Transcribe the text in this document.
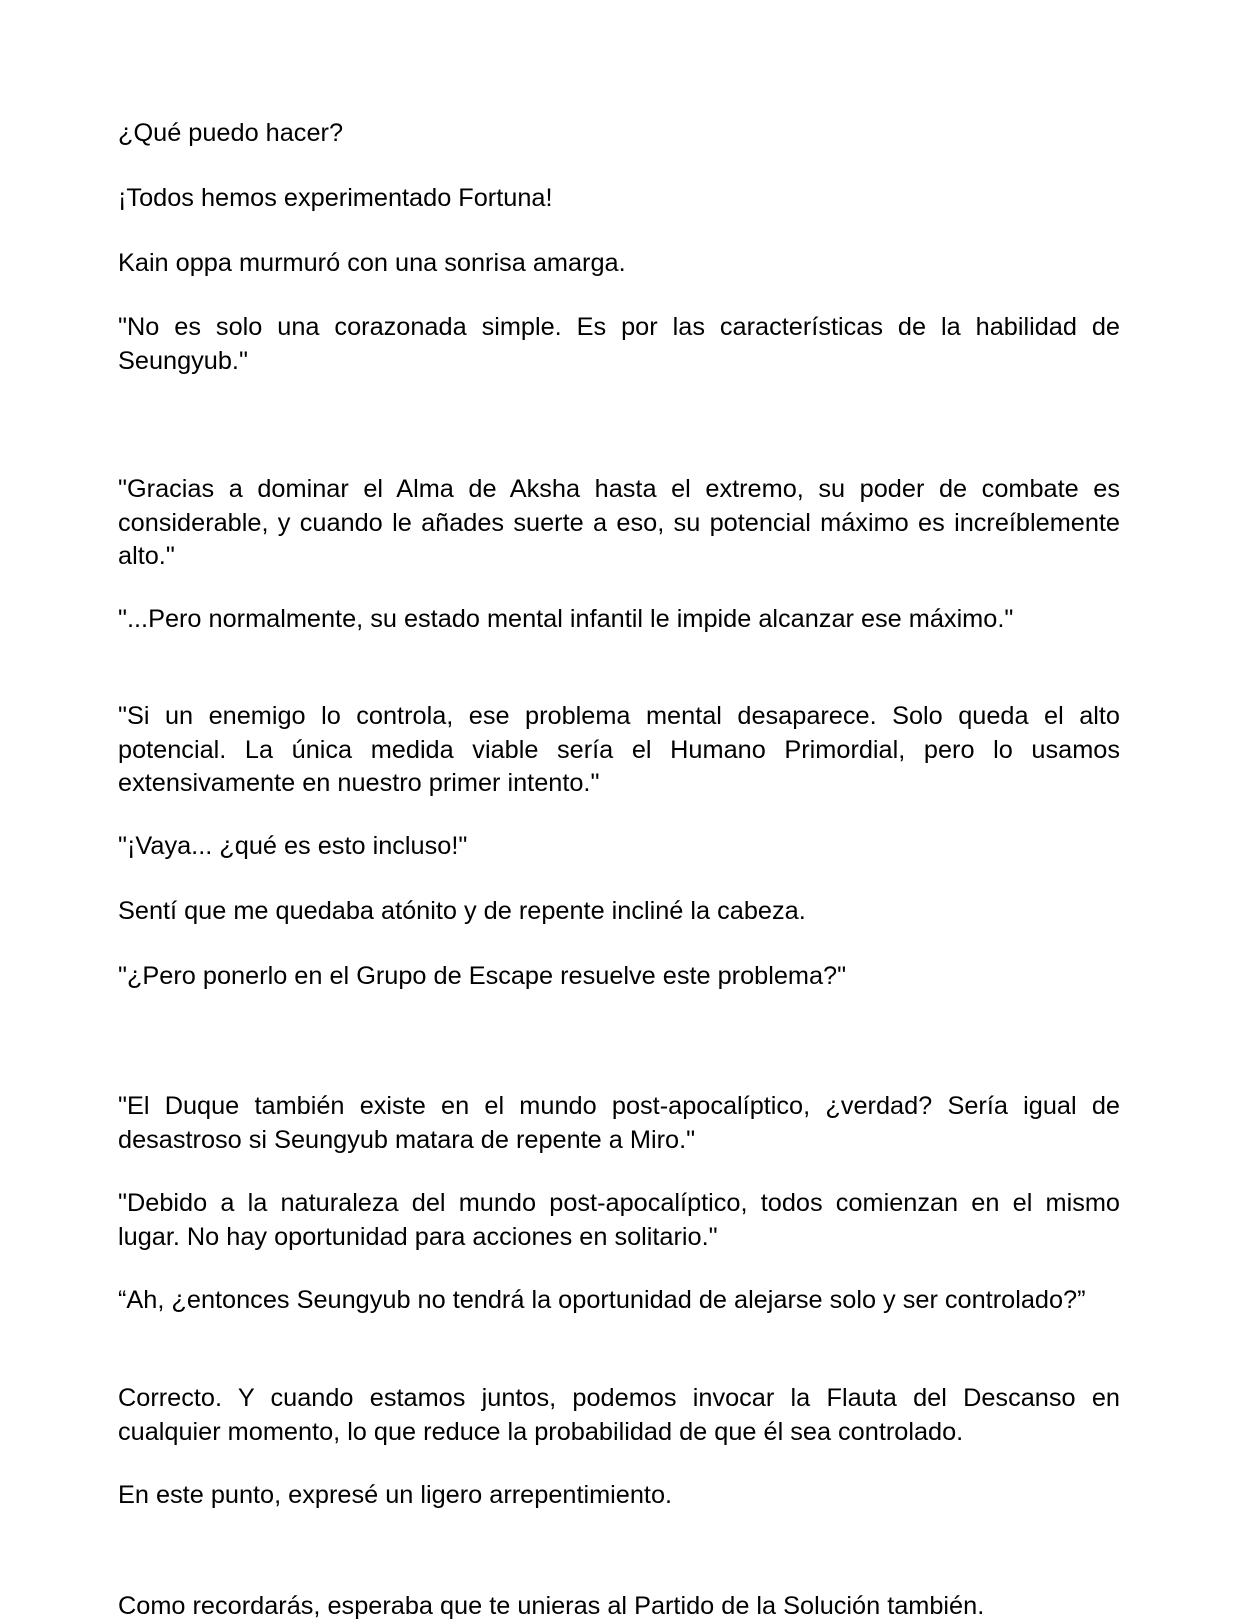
¿Qué puedo hacer?

¡Todos hemos experimentado Fortuna!

Kain oppa murmuró con una sonrisa amarga.

"No es solo una corazonada simple. Es por las características de la habilidad de Seungyub."

"Gracias a dominar el Alma de Aksha hasta el extremo, su poder de combate es considerable, y cuando le añades suerte a eso, su potencial máximo es increíblemente alto."

"...Pero normalmente, su estado mental infantil le impide alcanzar ese máximo."

"Si un enemigo lo controla, ese problema mental desaparece. Solo queda el alto potencial. La única medida viable sería el Humano Primordial, pero lo usamos extensivamente en nuestro primer intento."

"¡Vaya... ¿qué es esto incluso!"

Sentí que me quedaba atónito y de repente incliné la cabeza.

"¿Pero ponerlo en el Grupo de Escape resuelve este problema?"

"El Duque también existe en el mundo post-apocalíptico, ¿verdad? Sería igual de desastroso si Seungyub matara de repente a Miro."

"Debido a la naturaleza del mundo post-apocalíptico, todos comienzan en el mismo lugar. No hay oportunidad para acciones en solitario."

“Ah, ¿entonces Seungyub no tendrá la oportunidad de alejarse solo y ser controlado?”

Correcto. Y cuando estamos juntos, podemos invocar la Flauta del Descanso en cualquier momento, lo que reduce la probabilidad de que él sea controlado.

En este punto, expresé un ligero arrepentimiento.

Como recordarás, esperaba que te unieras al Partido de la Solución también.
